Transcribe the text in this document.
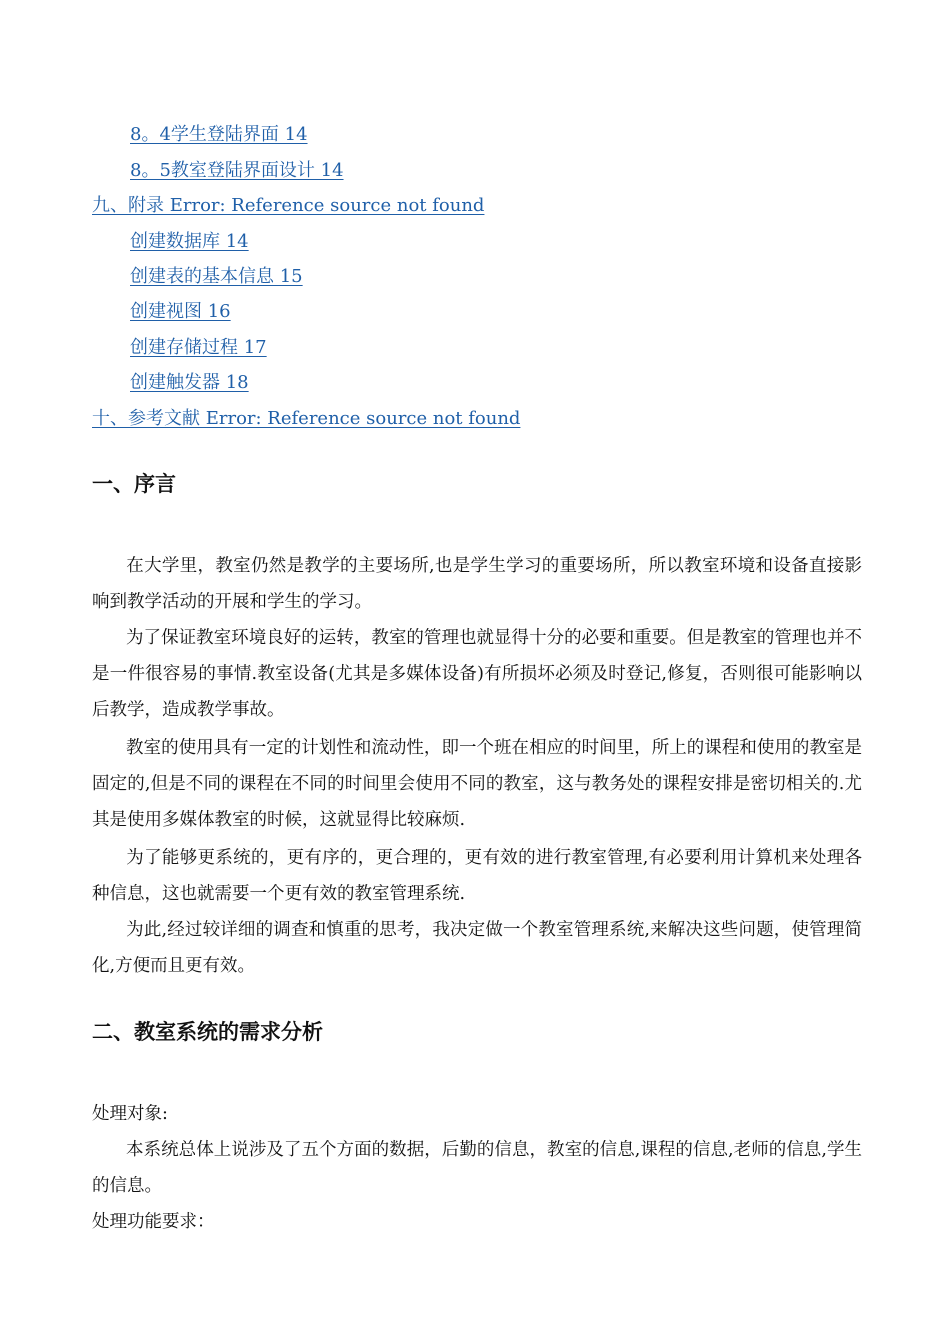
8。4学生登陆界面 14
8。5教室登陆界面设计 14
九、附录 Error: Reference source not found
创建数据库 14
创建表的基本信息 15
创建视图 16
创建存储过程 17
创建触发器 18
十、参考文献 Error: Reference source not found
一、序言

在大学里，教室仍然是教学的主要场所,也是学生学习的重要场所，所以教室环境和设备直接影响到教学活动的开展和学生的学习。

为了保证教室环境良好的运转，教室的管理也就显得十分的必要和重要。但是教室的管理也并不是一件很容易的事情.教室设备(尤其是多媒体设备)有所损坏必须及时登记,修复，否则很可能影响以后教学，造成教学事故。

教室的使用具有一定的计划性和流动性，即一个班在相应的时间里，所上的课程和使用的教室是固定的,但是不同的课程在不同的时间里会使用不同的教室，这与教务处的课程安排是密切相关的.尤其是使用多媒体教室的时候，这就显得比较麻烦.

为了能够更系统的，更有序的，更合理的，更有效的进行教室管理,有必要利用计算机来处理各种信息，这也就需要一个更有效的教室管理系统.

为此,经过较详细的调查和慎重的思考，我决定做一个教室管理系统,来解决这些问题，使管理简化,方便而且更有效。

二、教室系统的需求分析
处理对象:

本系统总体上说涉及了五个方面的数据，后勤的信息，教室的信息,课程的信息,老师的信息,学生的信息。

处理功能要求：
